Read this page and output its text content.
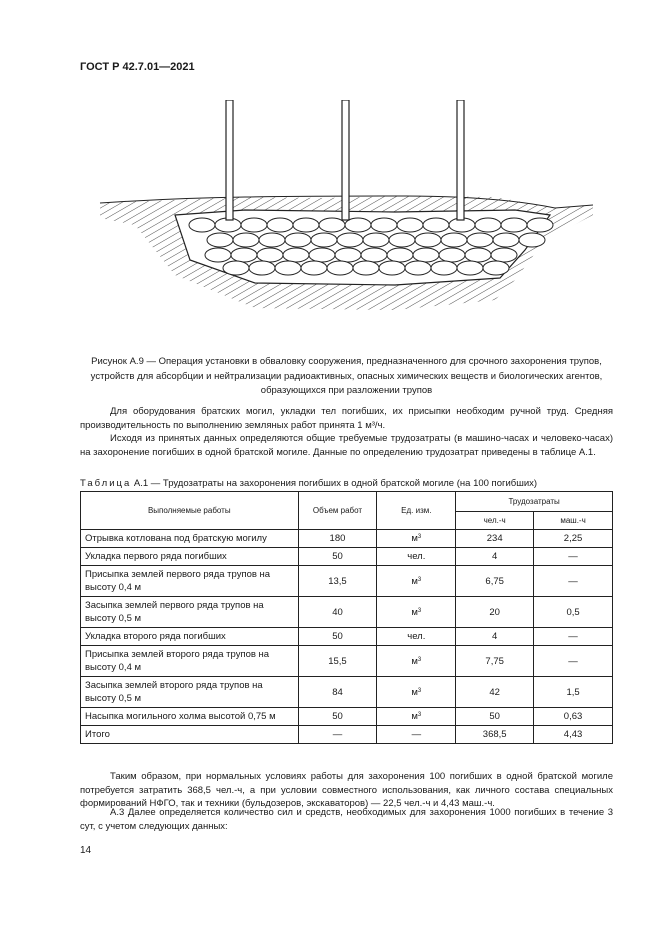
ГОСТ Р 42.7.01—2021
Рисунок А.9 — Операция установки в обваловку сооружения, предназначенного для срочного захоронения трупов, устройств для абсорбции и нейтрализации радиоактивных, опасных химических веществ и биологических агентов, образующихся при разложении трупов

Для оборудования братских могил, укладки тел погибших, их присыпки необходим ручной труд. Средняя производительность по выполнению земляных работ принята 1 м³/ч.

Исходя из принятых данных определяются общие требуемые трудозатраты (в машино-часах и человеко-часах) на захоронение погибших в одной братской могиле. Данные по определению трудозатрат приведены в таблице А.1.

Таблица А.1 — Трудозатраты на захоронения погибших в одной братской могиле (на 100 погибших)
Выполняемые работы	Объем работ	Ед. изм.	Трудозатраты	
			чел.-ч	маш.-ч
Отрывка котлована под братскую могилу	180	$м^3$	234	2,25
Укладка первого ряда погибших	50	чел.	4	—
Присыпка землей первого ряда трупов на высоту 0,4 м	13,5	$м^3$	6,75	—
Засыпка землей первого ряда трупов на высоту 0,5 м	40	$м^3$	20	0,5
Укладка второго ряда погибших	50	чел.	4	—
Присыпка землей второго ряда трупов на высоту 0,4 м	15,5	$м^3$	7,75	—
Засыпка землей второго ряда трупов на высоту 0,5 м	84	$м^3$	42	1,5
Насыпка могильного холма высотой 0,75 м	50	$м^3$	50	0,63
Итого	—	—	368,5	4,43

Таким образом, при нормальных условиях работы для захоронения 100 погибших в одной братской могиле потребуется затратить 368,5 чел.-ч, а при условии совместного использования, как личного состава специальных формирований НФГО, так и техники (бульдозеров, экскаваторов) — 22,5 чел.-ч и 4,43 маш.-ч.

А.3 Далее определяется количество сил и средств, необходимых для захоронения 1000 погибших в течение 3 сут, с учетом следующих данных:

14
